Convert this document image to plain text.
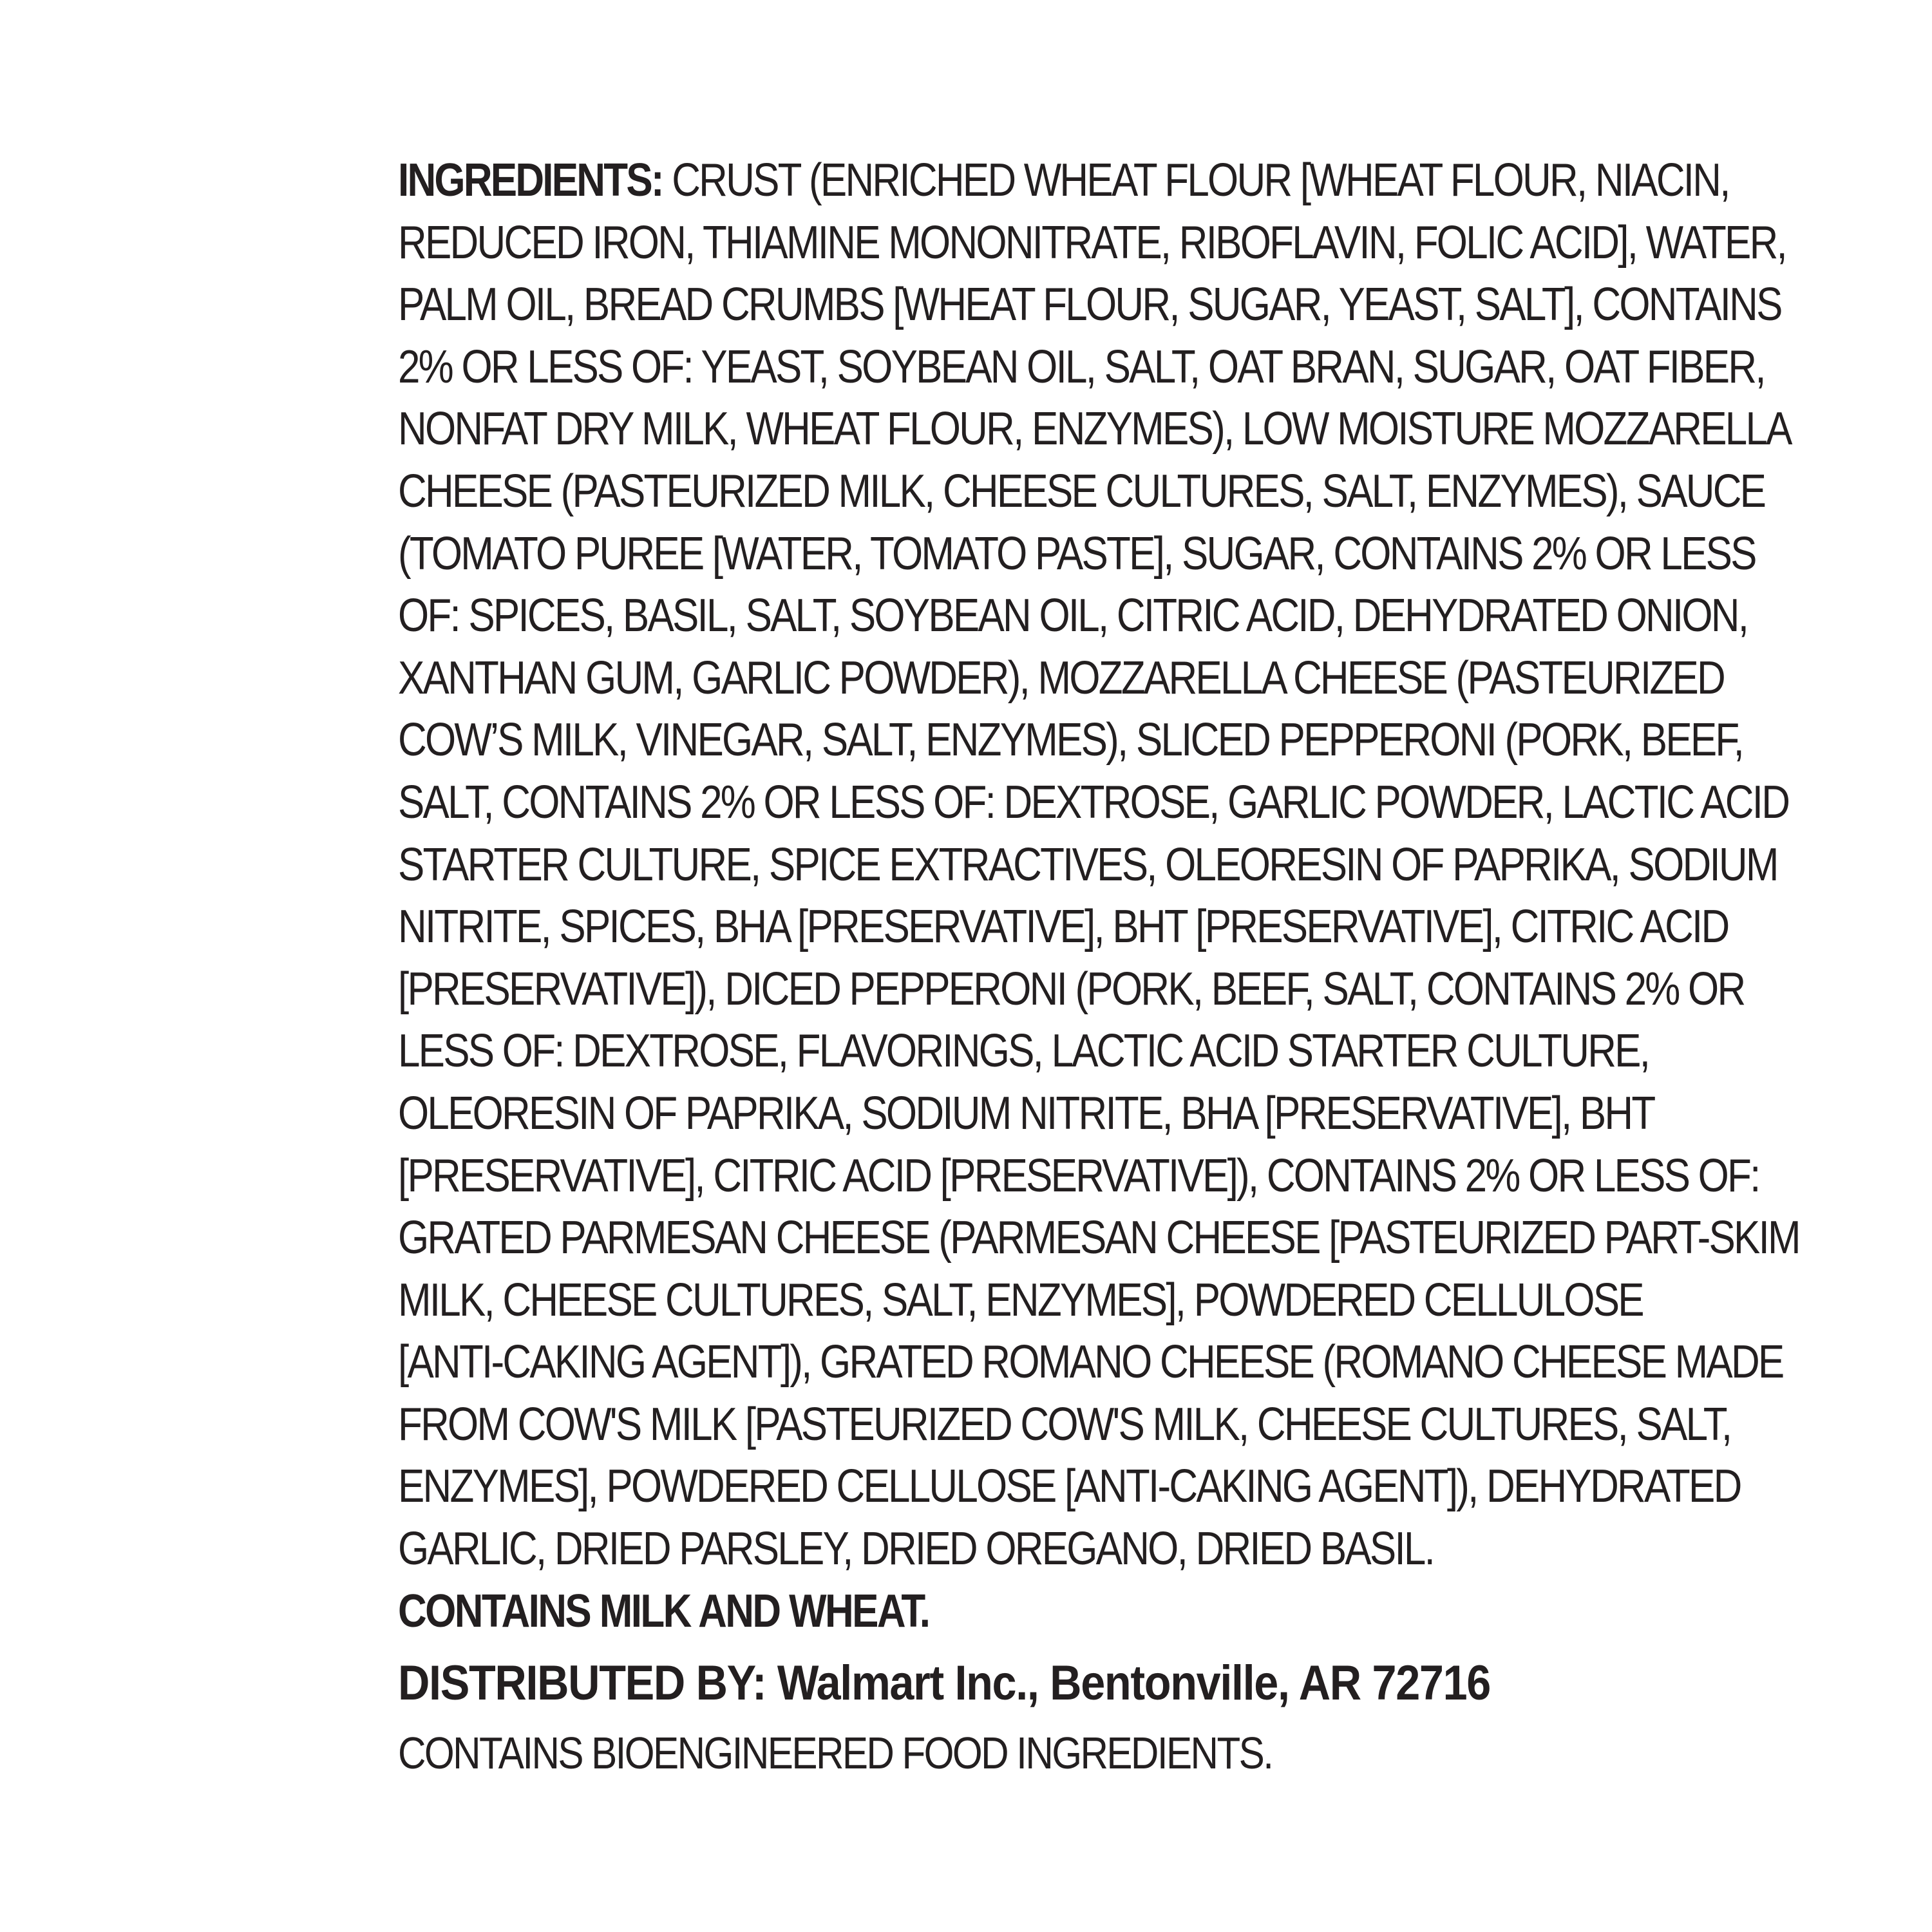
INGREDIENTS: CRUST (ENRICHED WHEAT FLOUR [WHEAT FLOUR, NIACIN,
REDUCED IRON, THIAMINE MONONITRATE, RIBOFLAVIN, FOLIC ACID], WATER,
PALM OIL, BREAD CRUMBS [WHEAT FLOUR, SUGAR, YEAST, SALT], CONTAINS
2% OR LESS OF: YEAST, SOYBEAN OIL, SALT, OAT BRAN, SUGAR, OAT FIBER,
NONFAT DRY MILK, WHEAT FLOUR, ENZYMES), LOW MOISTURE MOZZARELLA
CHEESE (PASTEURIZED MILK, CHEESE CULTURES, SALT, ENZYMES), SAUCE
(TOMATO PUREE [WATER, TOMATO PASTE], SUGAR, CONTAINS 2% OR LESS
OF: SPICES, BASIL, SALT, SOYBEAN OIL, CITRIC ACID, DEHYDRATED ONION,
XANTHAN GUM, GARLIC POWDER), MOZZARELLA CHEESE (PASTEURIZED
COW’S MILK, VINEGAR, SALT, ENZYMES), SLICED PEPPERONI (PORK, BEEF,
SALT, CONTAINS 2% OR LESS OF: DEXTROSE, GARLIC POWDER, LACTIC ACID
STARTER CULTURE, SPICE EXTRACTIVES, OLEORESIN OF PAPRIKA, SODIUM
NITRITE, SPICES, BHA [PRESERVATIVE], BHT [PRESERVATIVE], CITRIC ACID
[PRESERVATIVE]), DICED PEPPERONI (PORK, BEEF, SALT, CONTAINS 2% OR
LESS OF: DEXTROSE, FLAVORINGS, LACTIC ACID STARTER CULTURE,
OLEORESIN OF PAPRIKA, SODIUM NITRITE, BHA [PRESERVATIVE], BHT
[PRESERVATIVE], CITRIC ACID [PRESERVATIVE]), CONTAINS 2% OR LESS OF:
GRATED PARMESAN CHEESE (PARMESAN CHEESE [PASTEURIZED PART-SKIM
MILK, CHEESE CULTURES, SALT, ENZYMES], POWDERED CELLULOSE
[ANTI-CAKING AGENT]), GRATED ROMANO CHEESE (ROMANO CHEESE MADE
FROM COW'S MILK [PASTEURIZED COW'S MILK, CHEESE CULTURES, SALT,
ENZYMES], POWDERED CELLULOSE [ANTI-CAKING AGENT]), DEHYDRATED
GARLIC, DRIED PARSLEY, DRIED OREGANO, DRIED BASIL.
CONTAINS MILK AND WHEAT.
DISTRIBUTED BY: Walmart Inc., Bentonville, AR 72716
CONTAINS BIOENGINEERED FOOD INGREDIENTS.
